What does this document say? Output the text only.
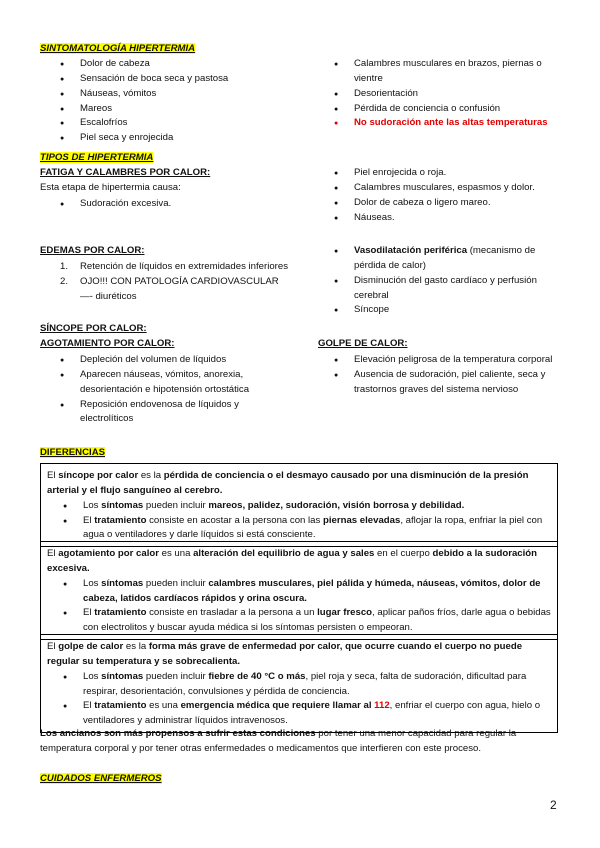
SINTOMATOLOGÍA HIPERTERMIA
● Dolor de cabeza
● Sensación de boca seca y pastosa
● Náuseas, vómitos
● Mareos
● Escalofríos
● Piel seca y enrojecida
● Calambres musculares en brazos, piernas o vientre
● Desorientación
● Pérdida de conciencia o confusión
● No sudoración ante las altas temperaturas
TIPOS DE HIPERTERMIA
FATIGA Y CALAMBRES POR CALOR:
Esta etapa de hipertermia causa:
● Sudoración excesiva.
● Piel enrojecida o roja.
● Calambres musculares, espasmos y dolor.
● Dolor de cabeza o ligero mareo.
● Náuseas.
EDEMAS POR CALOR:
1. Retención de líquidos en extremidades inferiores
2. OJO!!! CON PATOLOGÍA CARDIOVASCULAR —- diuréticos
● Vasodilatación periférica (mecanismo de pérdida de calor)
● Disminución del gasto cardíaco y perfusión cerebral
● Síncope
SÍNCOPE POR CALOR:
AGOTAMIENTO POR CALOR:
● Depleción del volumen de líquidos
● Aparecen náuseas, vómitos, anorexia, desorientación e hipotensión ortostática
● Reposición endovenosa de líquidos y electrolíticos
GOLPE DE CALOR:
● Elevación peligrosa de la temperatura corporal
● Ausencia de sudoración, piel caliente, seca y trastornos graves del sistema nervioso
DIFERENCIAS

El síncope por calor es la pérdida de conciencia o el desmayo causado por una disminución de la presión arterial y el flujo sanguíneo al cerebro.

● Los síntomas pueden incluir mareos, palidez, sudoración, visión borrosa y debilidad.
● El tratamiento consiste en acostar a la persona con las piernas elevadas, aflojar la ropa, enfriar la piel con agua o ventiladores y darle líquidos si está consciente.

El agotamiento por calor es una alteración del equilibrio de agua y sales en el cuerpo debido a la sudoración excesiva.

● Los síntomas pueden incluir calambres musculares, piel pálida y húmeda, náuseas, vómitos, dolor de cabeza, latidos cardíacos rápidos y orina oscura.
● El tratamiento consiste en trasladar a la persona a un lugar fresco, aplicar paños fríos, darle agua o bebidas con electrolitos y buscar ayuda médica si los síntomas persisten o empeoran.

El golpe de calor es la forma más grave de enfermedad por calor, que ocurre cuando el cuerpo no puede regular su temperatura y se sobrecalienta.

● Los síntomas pueden incluir fiebre de 40 °C o más, piel roja y seca, falta de sudoración, dificultad para respirar, desorientación, convulsiones y pérdida de conciencia.
● El tratamiento es una emergencia médica que requiere llamar al 112, enfriar el cuerpo con agua, hielo o ventiladores y administrar líquidos intravenosos.
Los ancianos son más propensos a sufrir estas condiciones por tener una menor capacidad para regular la temperatura corporal y por tener otras enfermedades o medicamentos que interfieren con este proceso.
CUIDADOS ENFERMEROS
2
